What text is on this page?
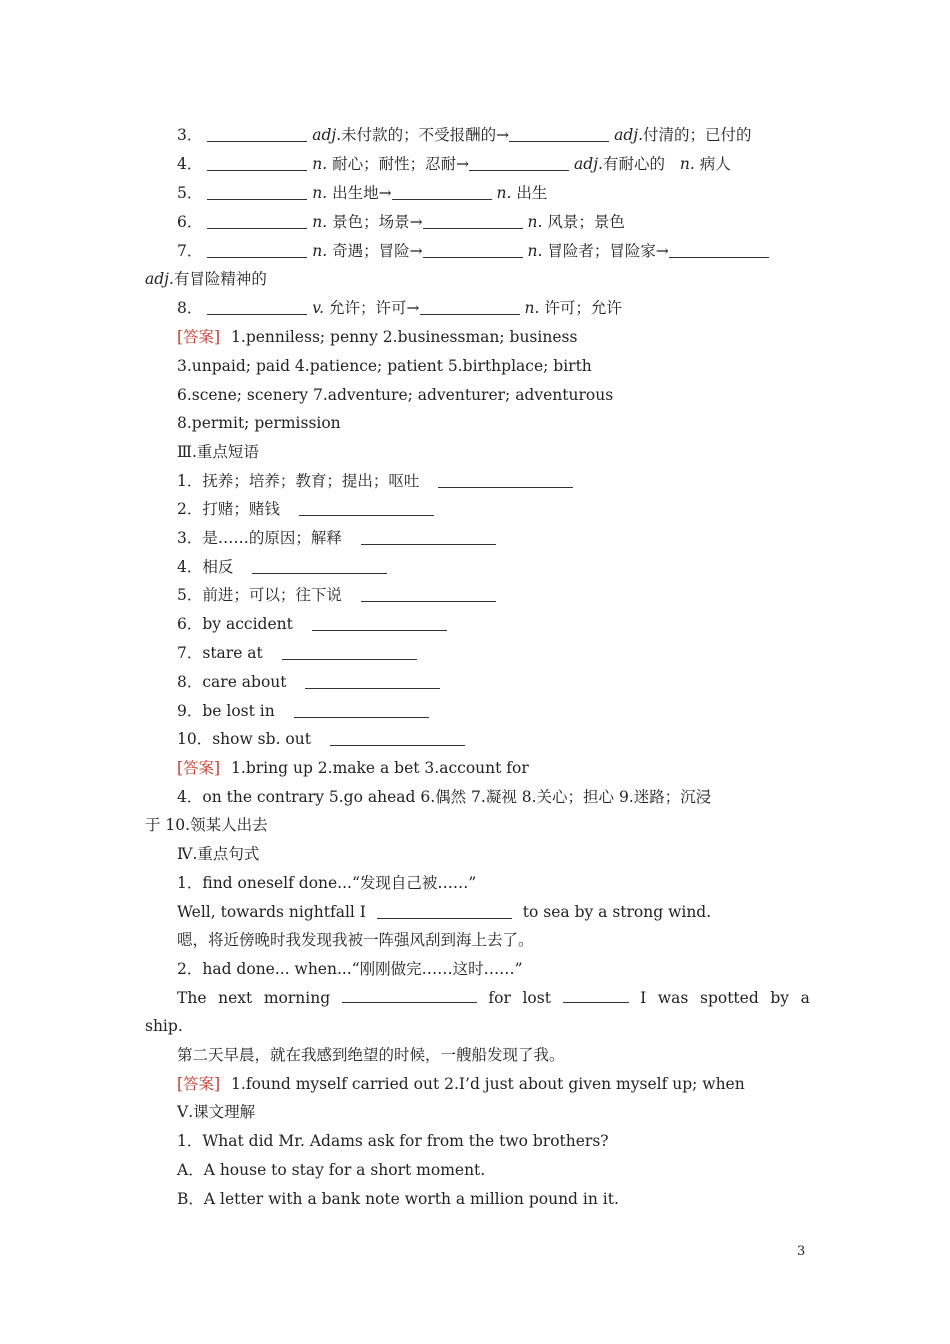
3．	adj.未付款的；不受报酬的→	adj.付清的；已付的
4．	n. 耐心；耐性；忍耐→	adj.有耐心的 n. 病人
5．	n. 出生地→	n. 出生
6．	n. 景色；场景→	n. 风景；景色
7．	n. 奇遇；冒险→	n. 冒险者；冒险家→
adj.有冒险精神的
8．	v. 允许；许可→	n. 许可；允许
[答案] 1.penniless; penny 2.businessman; business
3.unpaid; paid 4.patience; patient 5.birthplace; birth
6.scene; scenery 7.adventure; adventurer; adventurous
8.permit; permission
Ⅲ.重点短语
1．抚养；培养；教育；提出；呕吐
2．打赌；赌钱
3．是……的原因；解释
4．相反
5．前进；可以；往下说
6．by accident
7．stare at
8．care about
9．be lost in
10．show sb. out
[答案] 1.bring up 2.make a bet 3.account for
4．on the contrary 5.go ahead 6.偶然 7.凝视 8.关心；担心 9.迷路；沉浸
于 10.领某人出去
Ⅳ.重点句式
1．find oneself done...“发现自己被……”
Well, towards nightfall I	to sea by a strong wind.
嗯，将近傍晚时我发现我被一阵强风刮到海上去了。
2．had done... when...“刚刚做完……这时……”
The next morning	for lost	I was spotted by a
ship.
第二天早晨，就在我感到绝望的时候，一艘船发现了我。
[答案] 1.found myself carried out 2.I’d just about given myself up; when
Ⅴ.课文理解
1．What did Mr. Adams ask for from the two brothers?
A．A house to stay for a short moment.
B．A letter with a bank note worth a million pound in it.
3
